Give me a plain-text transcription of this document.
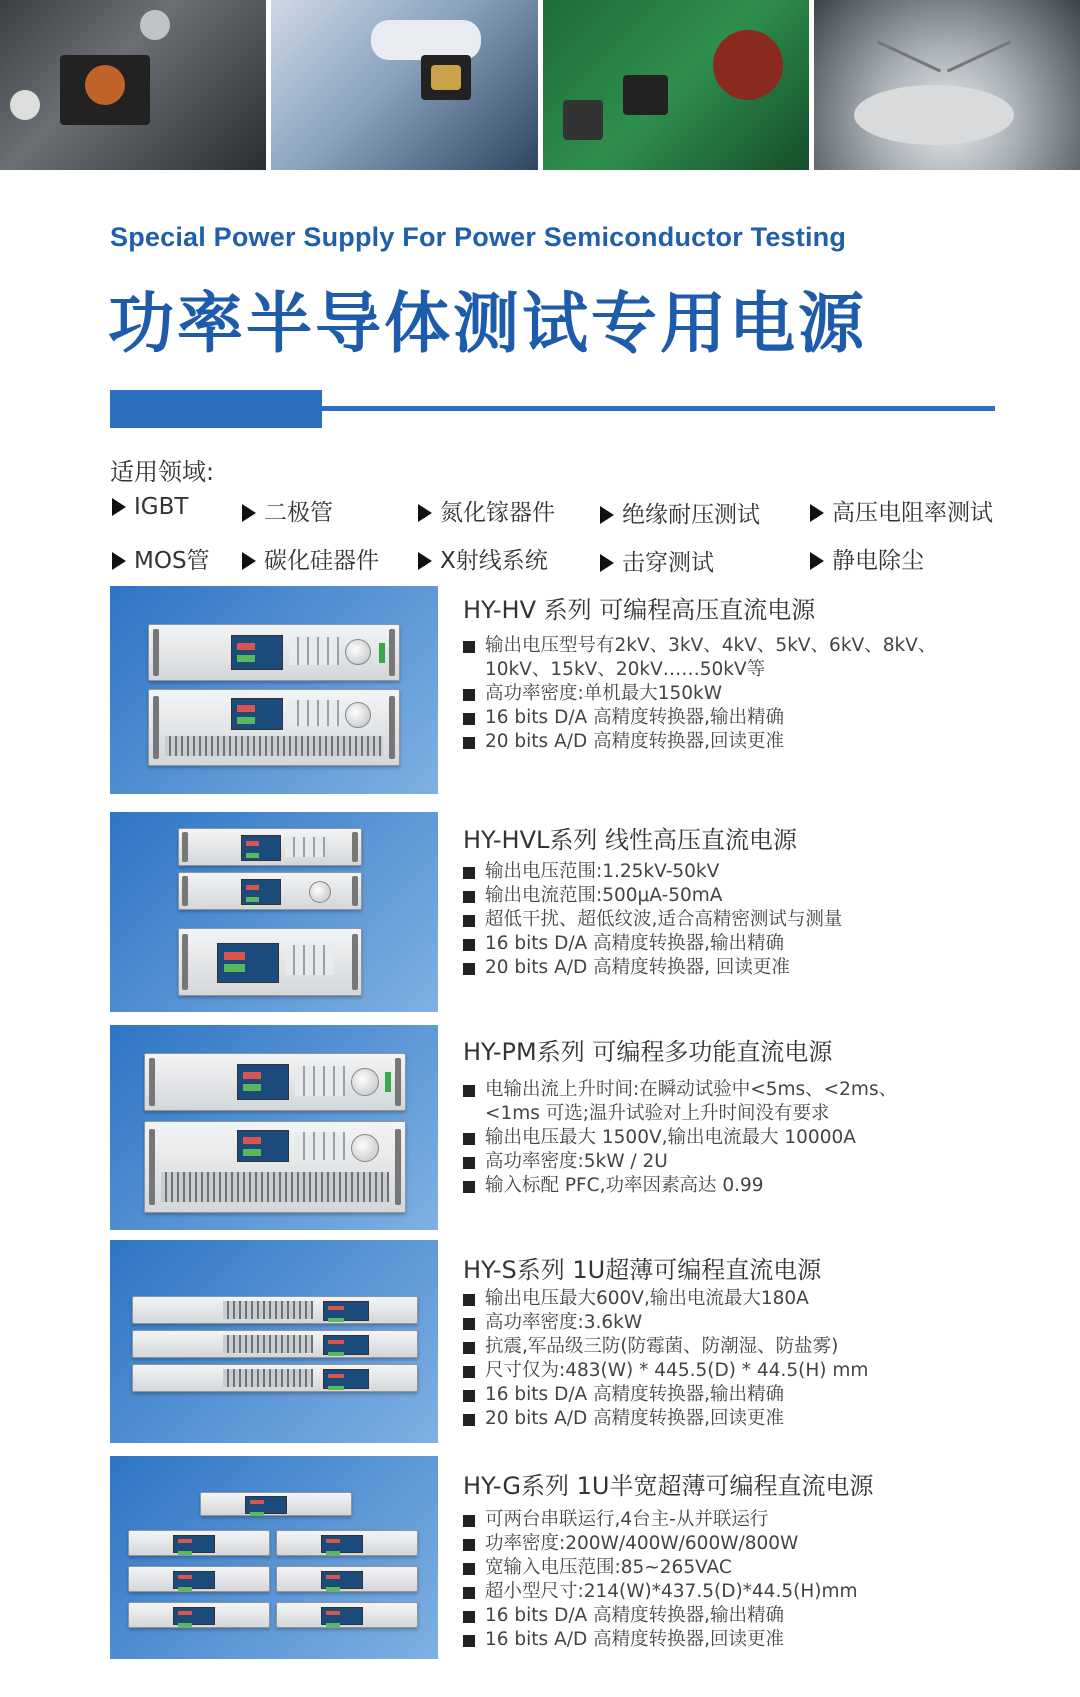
Special Power Supply For Power Semiconductor Testing
功率半导体测试专用电源
适用领域:
IGBT	二极管	氮化镓器件	绝缘耐压测试	高压电阻率测试
MOS管	碳化硅器件	X射线系统	击穿测试	静电除尘
HY-HV 系列 可编程高压直流电源
输出电压型号有2kV、3kV、4kV、5kV、6kV、8kV、 10kV、15kV、20kV……50kV等
高功率密度:单机最大150kW
16 bits D/A 高精度转换器,输出精确
20 bits A/D 高精度转换器,回读更准
HY-HVL系列 线性高压直流电源
输出电压范围:1.25kV-50kV
输出电流范围:500μA-50mA
超低干扰、超低纹波,适合高精密测试与测量
16 bits D/A 高精度转换器,输出精确
20 bits A/D 高精度转换器, 回读更准
HY-PM系列 可编程多功能直流电源
电输出流上升时间:在瞬动试验中<5ms、<2ms、 <1ms 可选;温升试验对上升时间没有要求
输出电压最大 1500V,输出电流最大 10000A
高功率密度:5kW / 2U
输入标配 PFC,功率因素高达 0.99
HY-S系列 1U超薄可编程直流电源
输出电压最大600V,输出电流最大180A
高功率密度:3.6kW
抗震,军品级三防(防霉菌、防潮湿、防盐雾)
尺寸仅为:483(W) * 445.5(D) * 44.5(H) mm
16 bits D/A 高精度转换器,输出精确
20 bits A/D 高精度转换器,回读更准
HY-G系列 1U半宽超薄可编程直流电源
可两台串联运行,4台主-从并联运行
功率密度:200W/400W/600W/800W
宽输入电压范围:85~265VAC
超小型尺寸:214(W)*437.5(D)*44.5(H)mm
16 bits D/A 高精度转换器,输出精确
16 bits A/D 高精度转换器,回读更准
